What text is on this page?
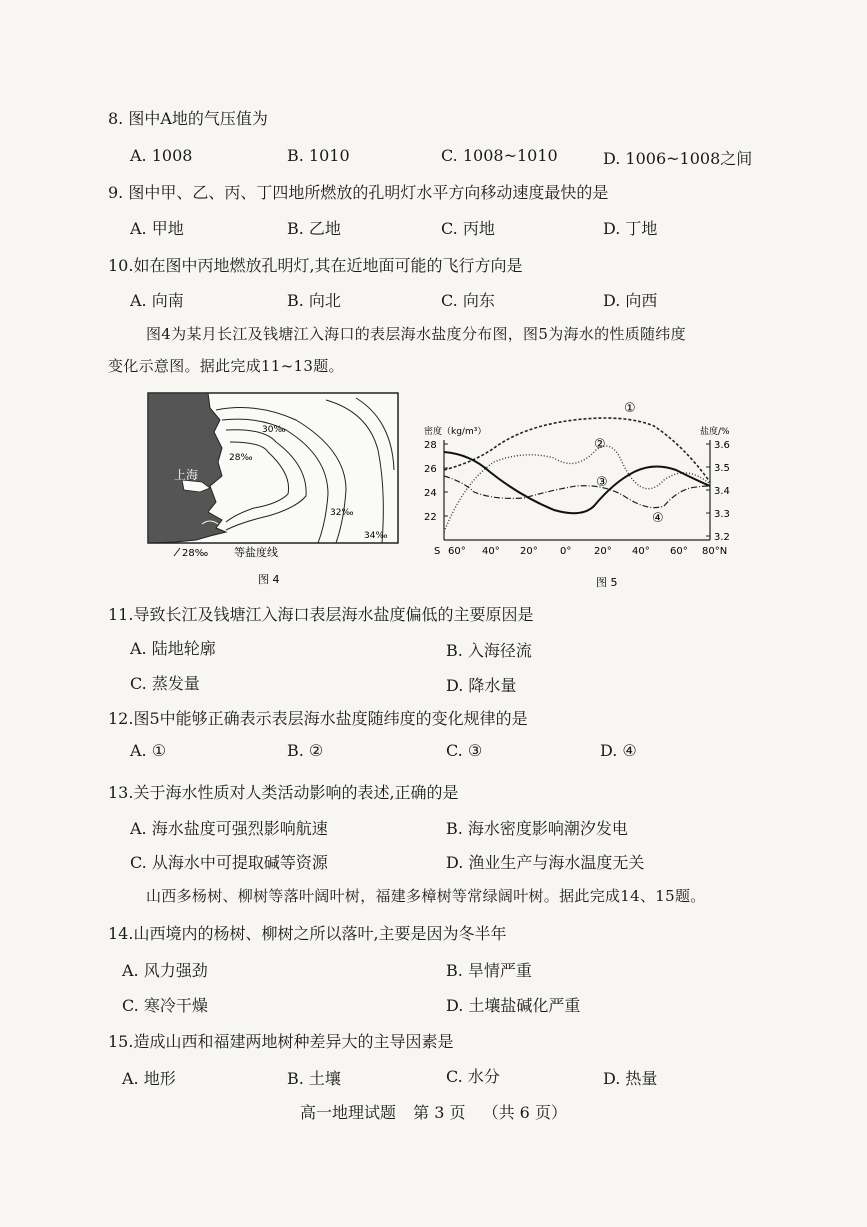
8. 图中A地的气压值为
A. 1008	B. 1010	C. 1008~1010	D. 1006~1008之间
9. 图中甲、乙、丙、丁四地所燃放的孔明灯水平方向移动速度最快的是
A. 甲地	B. 乙地	C. 丙地	D. 丁地
10.如在图中丙地燃放孔明灯,其在近地面可能的飞行方向是
A. 向南	B. 向北	C. 向东	D. 向西
图4为某月长江及钱塘江入海口的表层海水盐度分布图，图5为海水的性质随纬度
变化示意图。据此完成11~13题。
30‰
28‰
32‰
34‰
上海
28‰ 等盐度线
图 4
密度（kg/m³）	盐度/%
28
26
24
22
3.6
3.5
3.4
3.3
3.2
S 60° 40° 20° 0° 20° 40° 60° 80°N
①
②
③
④
图 5
11.导致长江及钱塘江入海口表层海水盐度偏低的主要原因是
A. 陆地轮廓	B. 入海径流
C. 蒸发量	D. 降水量
12.图5中能够正确表示表层海水盐度随纬度的变化规律的是
A. ①	B. ②	C. ③	D. ④
13.关于海水性质对人类活动影响的表述,正确的是
A. 海水盐度可强烈影响航速	B. 海水密度影响潮汐发电
C. 从海水中可提取碱等资源	D. 渔业生产与海水温度无关
山西多杨树、柳树等落叶阔叶树，福建多樟树等常绿阔叶树。据此完成14、15题。
14.山西境内的杨树、柳树之所以落叶,主要是因为冬半年
A. 风力强劲	B. 旱情严重
C. 寒冷干燥	D. 土壤盐碱化严重
15.造成山西和福建两地树种差异大的主导因素是
A. 地形	B. 土壤	C. 水分	D. 热量
高一地理试题 第 3 页 （共 6 页）
